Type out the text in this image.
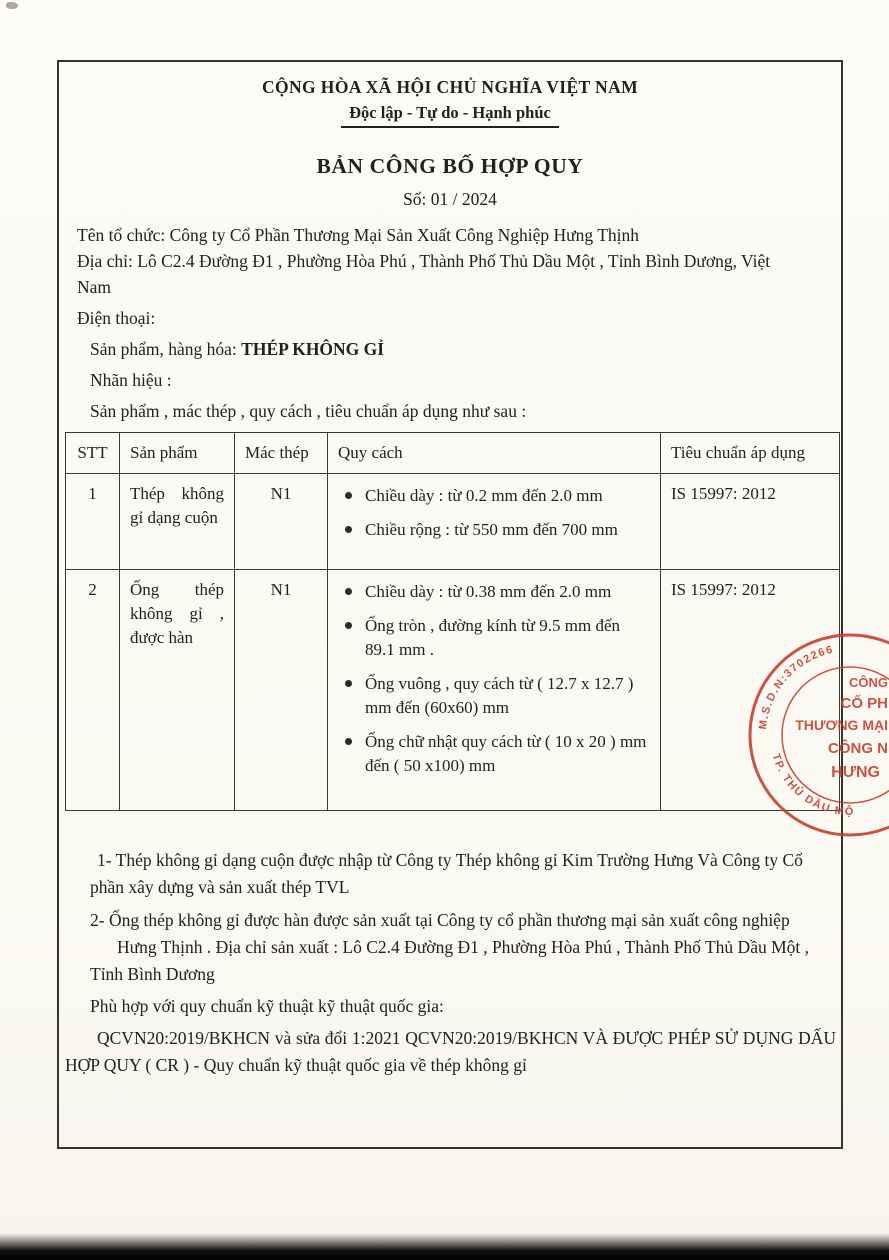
CỘNG HÒA XÃ HỘI CHỦ NGHĨA VIỆT NAM
Độc lập - Tự do - Hạnh phúc
BẢN CÔNG BỐ HỢP QUY
Số: 01 / 2024

Tên tổ chức: Công ty Cổ Phần Thương Mại Sản Xuất Công Nghiệp Hưng Thịnh

Địa chỉ: Lô C2.4 Đường Đ1 , Phường Hòa Phú , Thành Phố Thủ Dầu Một , Tỉnh Bình Dương, Việt Nam

Điện thoại:

Sản phẩm, hàng hóa: THÉP KHÔNG GỈ

Nhãn hiệu :

Sản phẩm , mác thép , quy cách , tiêu chuẩn áp dụng như sau :

STT	Sản phẩm	Mác thép	Quy cách	Tiêu chuẩn áp dụng
1	Thép không gỉ dạng cuộn	N1	Chiều dày : từ 0.2 mm đến 2.0 mm
Chiều rộng : từ 550 mm đến 700 mm
	IS 15997: 2012
2	Ống thép không gỉ , được hàn	N1	Chiều dày : từ 0.38 mm đến 2.0 mm
Ống tròn , đường kính từ 9.5 mm đến 89.1 mm .
Ống vuông , quy cách từ ( 12.7 x 12.7 ) mm đến (60x60) mm
Ống chữ nhật quy cách từ ( 10 x 20 ) mm đến ( 50 x100) mm
	IS 15997: 2012

1- Thép không gỉ dạng cuộn được nhập từ Công ty Thép không gỉ Kim Trường Hưng Và Công ty Cổ phần xây dựng và sản xuất thép TVL

2- Ống thép không gỉ được hàn được sản xuất tại Công ty cổ phần thương mại sản xuất công nghiệp Hưng Thịnh . Địa chỉ sản xuất : Lô C2.4 Đường Đ1 , Phường Hòa Phú , Thành Phố Thủ Dầu Một ,

Tỉnh Bình Dương

Phù hợp với quy chuẩn kỹ thuật kỹ thuật quốc gia:

QCVN20:2019/BKHCN và sửa đổi 1:2021 QCVN20:2019/BKHCN VÀ ĐƯỢC PHÉP SỬ DỤNG DẤU HỢP QUY ( CR ) - Quy chuẩn kỹ thuật quốc gia về thép không gỉ

M.S.D.N:3702266
TP. THỦ DẦU MỘ
CÔNG
CỔ PH
THƯƠNG MẠI
CÔNG N
HƯNG
